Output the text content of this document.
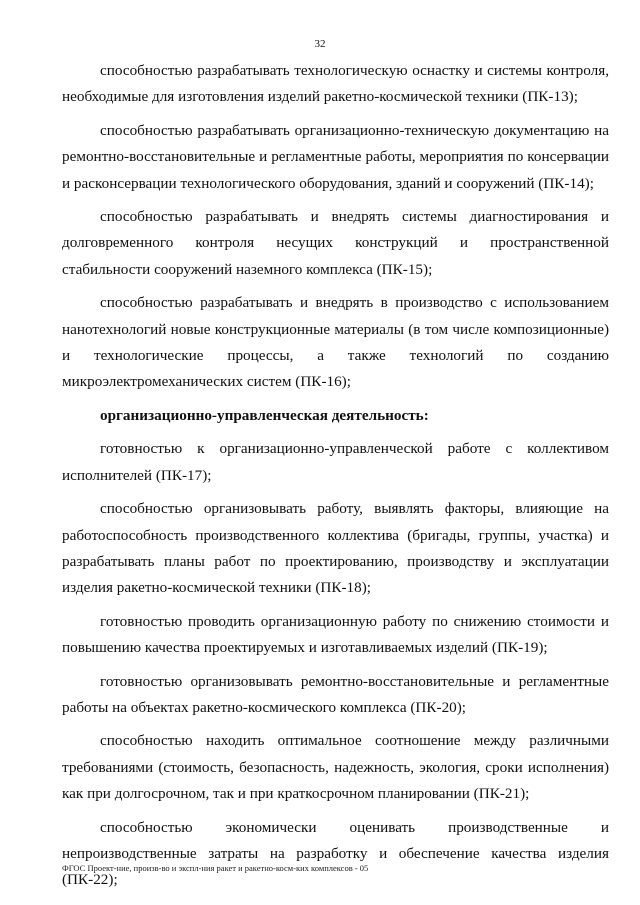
32

способностью разрабатывать технологическую оснастку и системы контроля, необходимые для изготовления изделий ракетно-космической техники (ПК-13);

способностью разрабатывать организационно-техническую документацию на ремонтно-восстановительные и регламентные работы, мероприятия по консервации и расконсервации технологического оборудования, зданий и сооружений (ПК-14);

способностью разрабатывать и внедрять системы диагностирования и долговременного контроля несущих конструкций и пространственной стабильности сооружений наземного комплекса (ПК-15);

способностью разрабатывать и внедрять в производство с использованием нанотехнологий новые конструкционные материалы (в том числе композиционные) и технологические процессы, а также технологий по созданию микроэлектромеханических систем (ПК-16);

организационно-управленческая деятельность:

готовностью к организационно-управленческой работе с коллективом исполнителей (ПК-17);

способностью организовывать работу, выявлять факторы, влияющие на работоспособность производственного коллектива (бригады, группы, участка) и разрабатывать планы работ по проектированию, производству и эксплуатации изделия ракетно-космической техники (ПК-18);

готовностью проводить организационную работу по снижению стоимости и повышению качества проектируемых и изготавливаемых изделий (ПК-19);

готовностью организовывать ремонтно-восстановительные и регламентные работы на объектах ракетно-космического комплекса (ПК-20);

способностью находить оптимальное соотношение между различными требованиями (стоимость, безопасность, надежность, экология, сроки исполнения) как при долгосрочном, так и при краткосрочном планировании (ПК-21);

способностью экономически оценивать производственные и непроизводственные затраты на разработку и обеспечение качества изделия (ПК-22);

ФГОС Проект-ние, произв-во и экспл-ния ракет и ракетно-косм-ких комплексов - 05
